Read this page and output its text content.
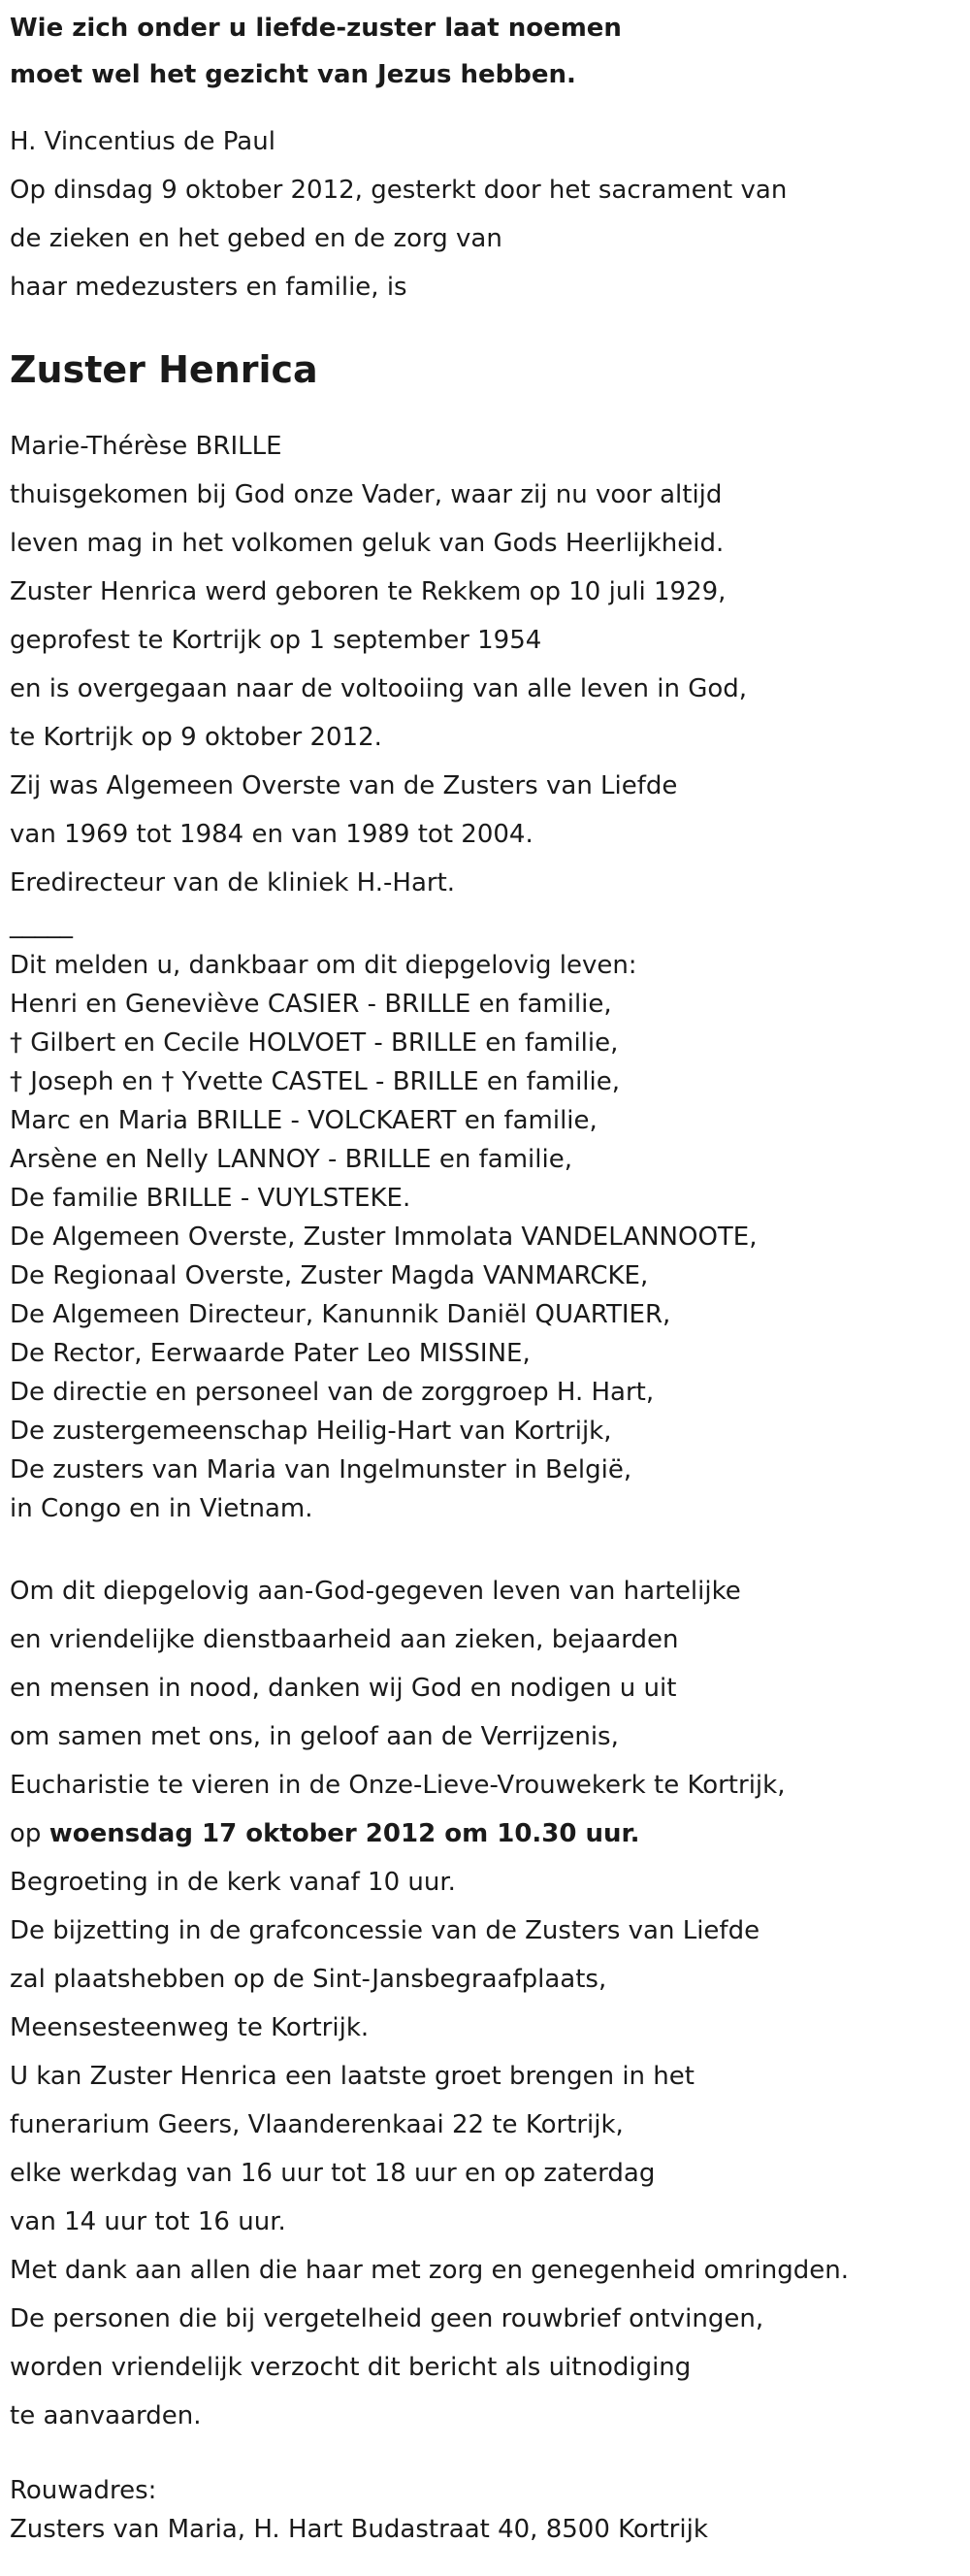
Wie zich onder u liefde-zuster laat noemen
moet wel het gezicht van Jezus hebben.
H. Vincentius de Paul
Op dinsdag 9 oktober 2012, gesterkt door het sacrament van
de zieken en het gebed en de zorg van
haar medezusters en familie, is
Zuster Henrica
Marie-Thérèse BRILLE
thuisgekomen bij God onze Vader, waar zij nu voor altijd
leven mag in het volkomen geluk van Gods Heerlijkheid.
Zuster Henrica werd geboren te Rekkem op 10 juli 1929,
geprofest te Kortrijk op 1 september 1954
en is overgegaan naar de voltooiing van alle leven in God,
te Kortrijk op 9 oktober 2012.
Zij was Algemeen Overste van de Zusters van Liefde
van 1969 tot 1984 en van 1989 tot 2004.
Eredirecteur van de kliniek H.-Hart.
_____
Dit melden u, dankbaar om dit diepgelovig leven:
Henri en Geneviève CASIER - BRILLE en familie,
† Gilbert en Cecile HOLVOET - BRILLE en familie,
† Joseph en † Yvette CASTEL - BRILLE en familie,
Marc en Maria BRILLE - VOLCKAERT en familie,
Arsène en Nelly LANNOY - BRILLE en familie,
De familie BRILLE - VUYLSTEKE.
De Algemeen Overste, Zuster Immolata VANDELANNOOTE,
De Regionaal Overste, Zuster Magda VANMARCKE,
De Algemeen Directeur, Kanunnik Daniël QUARTIER,
De Rector, Eerwaarde Pater Leo MISSINE,
De directie en personeel van de zorggroep H. Hart,
De zustergemeenschap Heilig-Hart van Kortrijk,
De zusters van Maria van Ingelmunster in België,
in Congo en in Vietnam.
Om dit diepgelovig aan-God-gegeven leven van hartelijke
en vriendelijke dienstbaarheid aan zieken, bejaarden
en mensen in nood, danken wij God en nodigen u uit
om samen met ons, in geloof aan de Verrijzenis,
Eucharistie te vieren in de Onze-Lieve-Vrouwekerk te Kortrijk,
op woensdag 17 oktober 2012 om 10.30 uur.
Begroeting in de kerk vanaf 10 uur.
De bijzetting in de grafconcessie van de Zusters van Liefde
zal plaatshebben op de Sint-Jansbegraafplaats,
Meensesteenweg te Kortrijk.
U kan Zuster Henrica een laatste groet brengen in het
funerarium Geers, Vlaanderenkaai 22 te Kortrijk,
elke werkdag van 16 uur tot 18 uur en op zaterdag
van 14 uur tot 16 uur.
Met dank aan allen die haar met zorg en genegenheid omringden.
De personen die bij vergetelheid geen rouwbrief ontvingen,
worden vriendelijk verzocht dit bericht als uitnodiging
te aanvaarden.
Rouwadres:
Zusters van Maria, H. Hart Budastraat 40, 8500 Kortrijk
